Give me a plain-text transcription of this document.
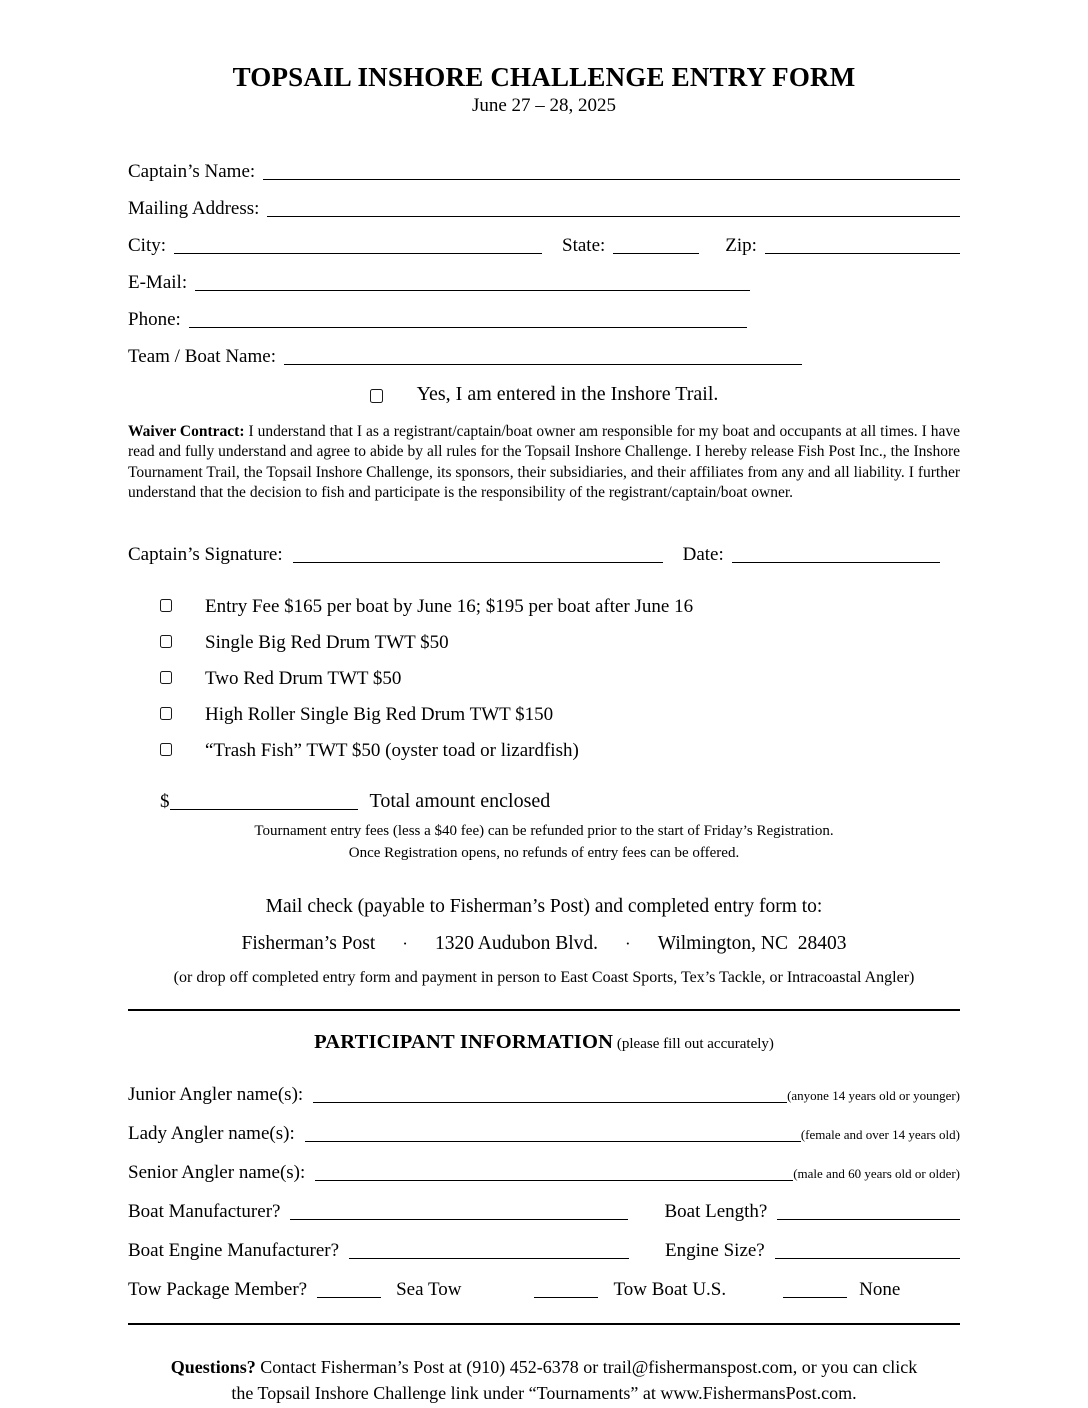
TOPSAIL INSHORE CHALLENGE ENTRY FORM
June 27 – 28, 2025
Captain’s Name:
Mailing Address:
City:	State:	Zip:
E-Mail:
Phone:
Team / Boat Name:
Yes, I am entered in the Inshore Trail.

Waiver Contract: I understand that I as a registrant/captain/boat owner am responsible for my boat and occupants at all times. I have read and fully understand and agree to abide by all rules for the Topsail Inshore Challenge. I hereby release Fish Post Inc., the Inshore Tournament Trail, the Topsail Inshore Challenge, its sponsors, their subsidiaries, and their affiliates from any and all liability. I further understand that the decision to fish and participate is the responsibility of the registrant/captain/boat owner.

Captain’s Signature:	Date:
Entry Fee $165 per boat by June 16; $195 per boat after June 16
Single Big Red Drum TWT $50
Two Red Drum TWT $50
High Roller Single Big Red Drum TWT $150
“Trash Fish” TWT $50 (oyster toad or lizardfish)
$	Total amount enclosed
Tournament entry fees (less a $40 fee) can be refunded prior to the start of Friday’s Registration.
Once Registration opens, no refunds of entry fees can be offered.
Mail check (payable to Fisherman’s Post) and completed entry form to:
Fisherman’s Post · 1320 Audubon Blvd. · Wilmington, NC  28403
(or drop off completed entry form and payment in person to East Coast Sports, Tex’s Tackle, or Intracoastal Angler)
PARTICIPANT INFORMATION (please fill out accurately)
Junior Angler name(s):	(anyone 14 years old or younger)
Lady Angler name(s):	(female and over 14 years old)
Senior Angler name(s):	(male and 60 years old or older)
Boat Manufacturer?	Boat Length?
Boat Engine Manufacturer?	Engine Size?
Tow Package Member?	Sea Tow	Tow Boat U.S.	None

Questions? Contact Fisherman’s Post at (910) 452-6378 or trail@fishermanspost.com, or you can click
the Topsail Inshore Challenge link under “Tournaments” at www.FishermansPost.com.
